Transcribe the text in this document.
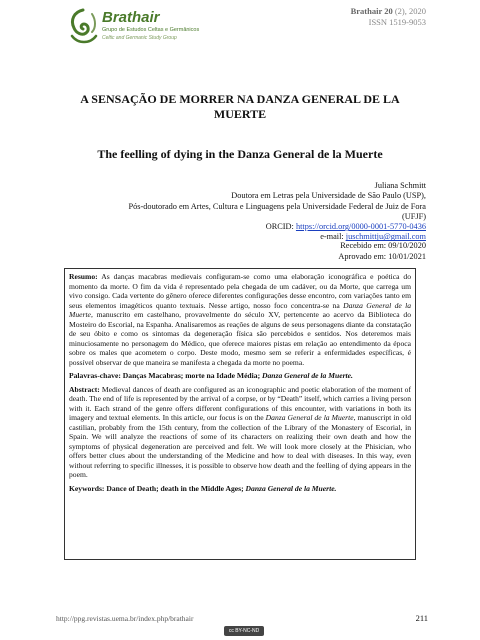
Brathair
Grupo de Estudos Celtas e Germânicos
Celtic and Germanic Study Group
Brathair 20 (2), 2020
ISSN 1519-9053
A SENSAÇÃO DE MORRER NA DANZA GENERAL DE LA MUERTE
The feelling of dying in the Danza General de la Muerte
Juliana Schmitt
Doutora em Letras pela Universidade de São Paulo (USP),
Pós-doutorado em Artes, Cultura e Linguagens pela Universidade Federal de Juiz de Fora
(UFJF)
ORCID: https://orcid.org/0000-0001-5770-0436
e-mail: juschmittju@gmail.com
Recebido em: 09/10/2020
Aprovado em: 10/01/2021

Resumo: As danças macabras medievais configuram-se como uma elaboração iconográfica e poética do momento da morte. O fim da vida é representado pela chegada de um cadáver, ou da Morte, que carrega um vivo consigo. Cada vertente do gênero oferece diferentes configurações desse encontro, com variações tanto em seus elementos imagéticos quanto textuais. Nesse artigo, nosso foco concentra-se na Danza General de la Muerte, manuscrito em castelhano, provavelmente do século XV, pertencente ao acervo da Biblioteca do Mosteiro do Escorial, na Espanha. Analisaremos as reações de alguns de seus personagens diante da constatação de seu óbito e como os sintomas da degeneração física são percebidos e sentidos. Nos deteremos mais minuciosamente no personagem do Médico, que oferece maiores pistas em relação ao entendimento da época sobre os males que acometem o corpo. Deste modo, mesmo sem se referir a enfermidades específicas, é possível observar de que maneira se manifesta a chegada da morte no poema.

Palavras-chave: Danças Macabras; morte na Idade Média; Danza General de la Muerte.

Abstract: Medieval dances of death are configured as an iconographic and poetic elaboration of the moment of death. The end of life is represented by the arrival of a corpse, or by “Death” itself, which carries a living person with it. Each strand of the genre offers different configurations of this encounter, with variations in both its imagery and textual elements. In this article, our focus is on the Danza General de la Muerte, manuscript in old castilian, probably from the 15th century, from the collection of the Library of the Monastery of Escorial, in Spain. We will analyze the reactions of some of its characters on realizing their own death and how the symptoms of physical degeneration are perceived and felt. We will look more closely at the Phisician, who offers better clues about the understanding of the Medicine and how to deal with diseases. In this way, even without referring to specific illnesses, it is possible to observe how death and the feelling of dying appears in the poem.

Keywords: Dance of Death; death in the Middle Ages; Danza General de la Muerte.

http://ppg.revistas.uema.br/index.php/brathair	211
cc BY-NC-ND
